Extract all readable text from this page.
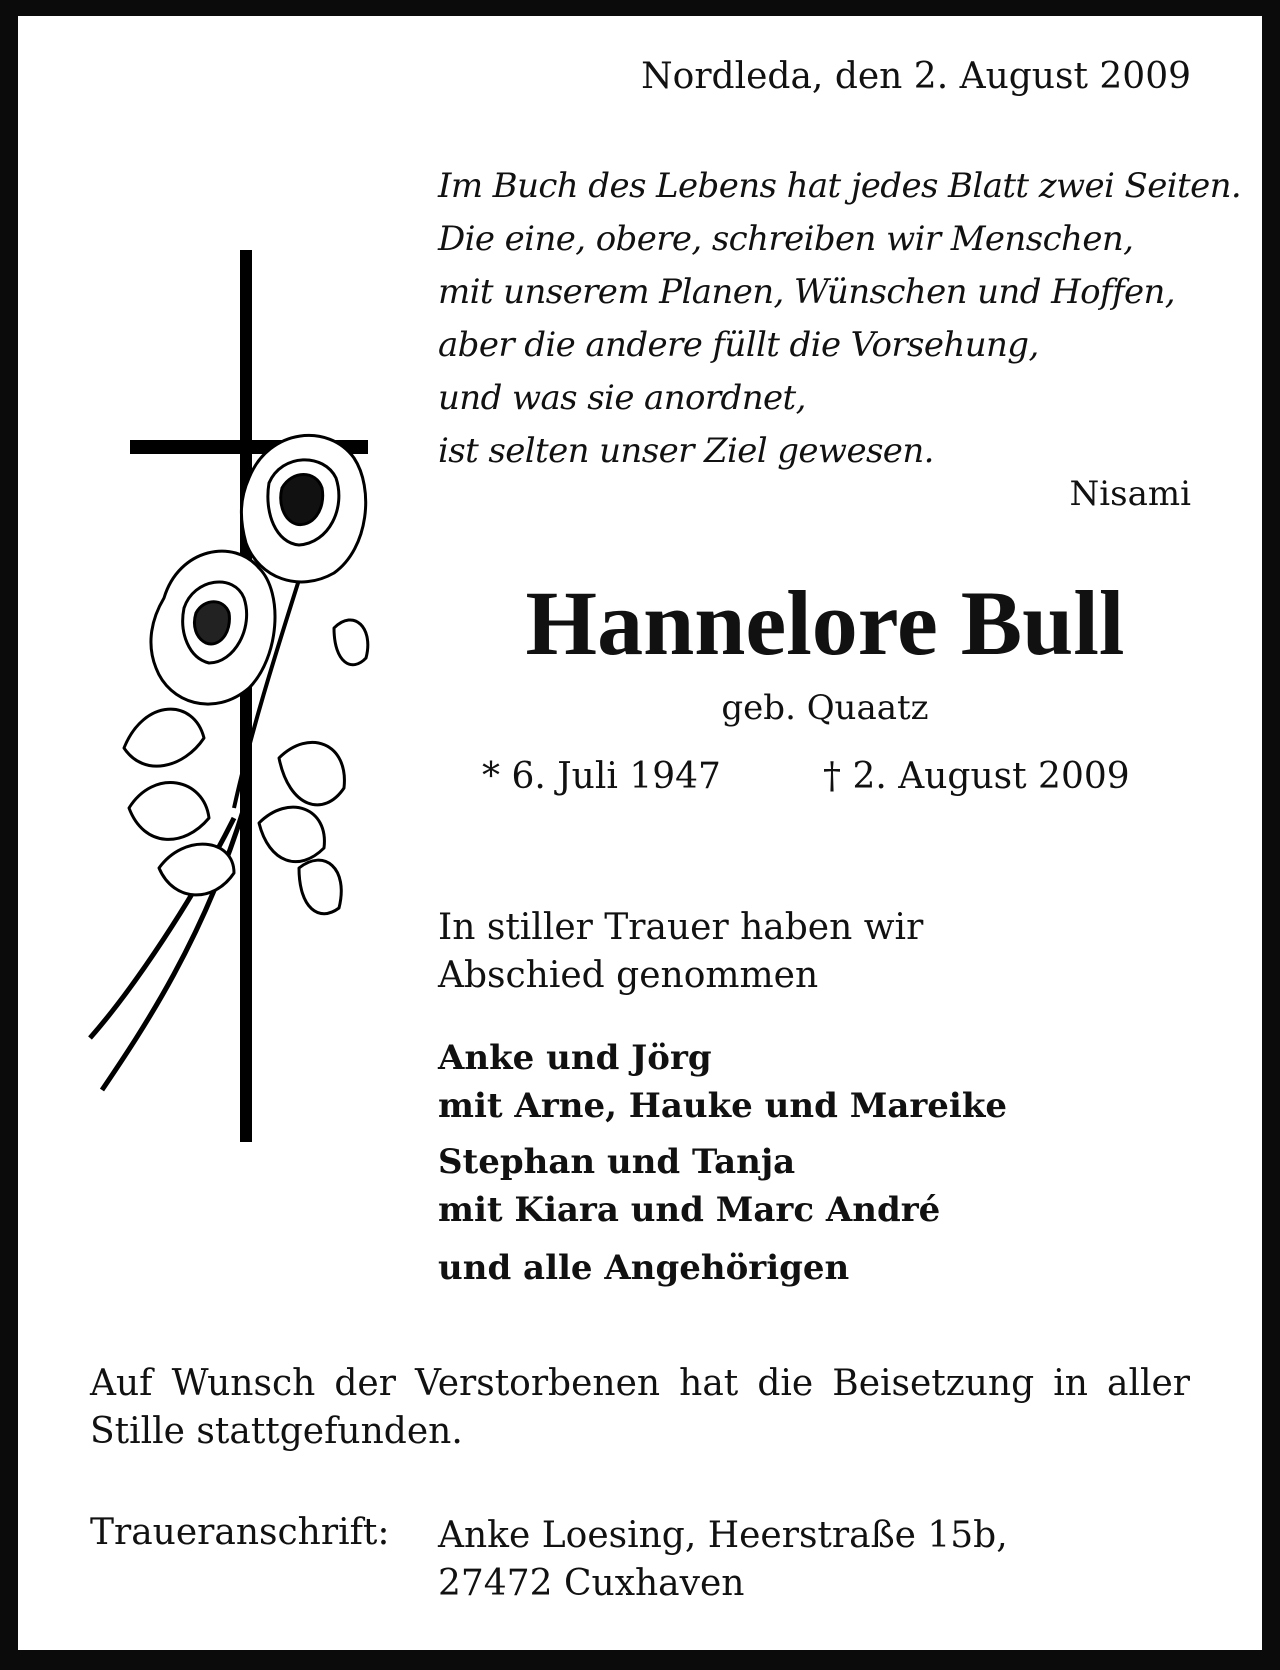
Nordleda, den 2. August 2009
Im Buch des Lebens hat jedes Blatt zwei Seiten.
Die eine, obere, schreiben wir Menschen,
mit unserem Planen, Wünschen und Hoffen,
aber die andere füllt die Vorsehung,
und was sie anordnet,
ist selten unser Ziel gewesen.
Nisami
Hannelore Bull
geb. Quaatz
* 6. Juli 1947	† 2. August 2009
In stiller Trauer haben wir
Abschied genommen
Anke und Jörg
mit Arne, Hauke und Mareike
Stephan und Tanja
mit Kiara und Marc André
und alle Angehörigen
Auf Wunsch der Verstorbenen hat die Beisetzung in aller Stille stattgefunden.
Traueranschrift: Anke Loesing, Heerstraße 15b,
27472 Cuxhaven
